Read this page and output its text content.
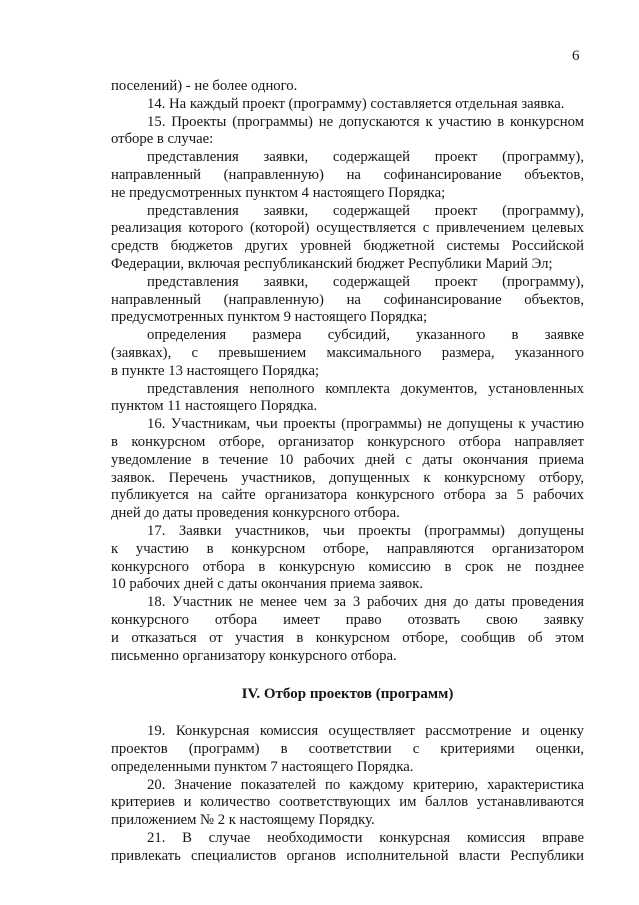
6
поселений) - не более одного.
14. На каждый проект (программу) составляется отдельная заявка.
15. Проекты (программы) не допускаются к участию в конкурсном
отборе в случае:
представления заявки, содержащей проект (программу),
направленный (направленную) на софинансирование объектов,
не предусмотренных пунктом 4 настоящего Порядка;
представления заявки, содержащей проект (программу),
реализация которого (которой) осуществляется с привлечением целевых
средств бюджетов других уровней бюджетной системы Российской
Федерации, включая республиканский бюджет Республики Марий Эл;
представления заявки, содержащей проект (программу),
направленный (направленную) на софинансирование объектов,
предусмотренных пунктом 9 настоящего Порядка;
определения размера субсидий, указанного в заявке
(заявках), с превышением максимального размера, указанного
в пункте 13 настоящего Порядка;
представления неполного комплекта документов, установленных
пунктом 11 настоящего Порядка.
16. Участникам, чьи проекты (программы) не допущены к участию
в конкурсном отборе, организатор конкурсного отбора направляет
уведомление в течение 10 рабочих дней с даты окончания приема
заявок. Перечень участников, допущенных к конкурсному отбору,
публикуется на сайте организатора конкурсного отбора за 5 рабочих
дней до даты проведения конкурсного отбора.
17. Заявки участников, чьи проекты (программы) допущены
к участию в конкурсном отборе, направляются организатором
конкурсного отбора в конкурсную комиссию в срок не позднее
10 рабочих дней с даты окончания приема заявок.
18. Участник не менее чем за 3 рабочих дня до даты проведения
конкурсного отбора имеет право отозвать свою заявку
и отказаться от участия в конкурсном отборе, сообщив об этом
письменно организатору конкурсного отбора.
IV. Отбор проектов (программ)
19. Конкурсная комиссия осуществляет рассмотрение и оценку
проектов (программ) в соответствии с критериями оценки,
определенными пунктом 7 настоящего Порядка.
20. Значение показателей по каждому критерию, характеристика
критериев и количество соответствующих им баллов устанавливаются
приложением № 2 к настоящему Порядку.
21. В случае необходимости конкурсная комиссия вправе
привлекать специалистов органов исполнительной власти Республики
